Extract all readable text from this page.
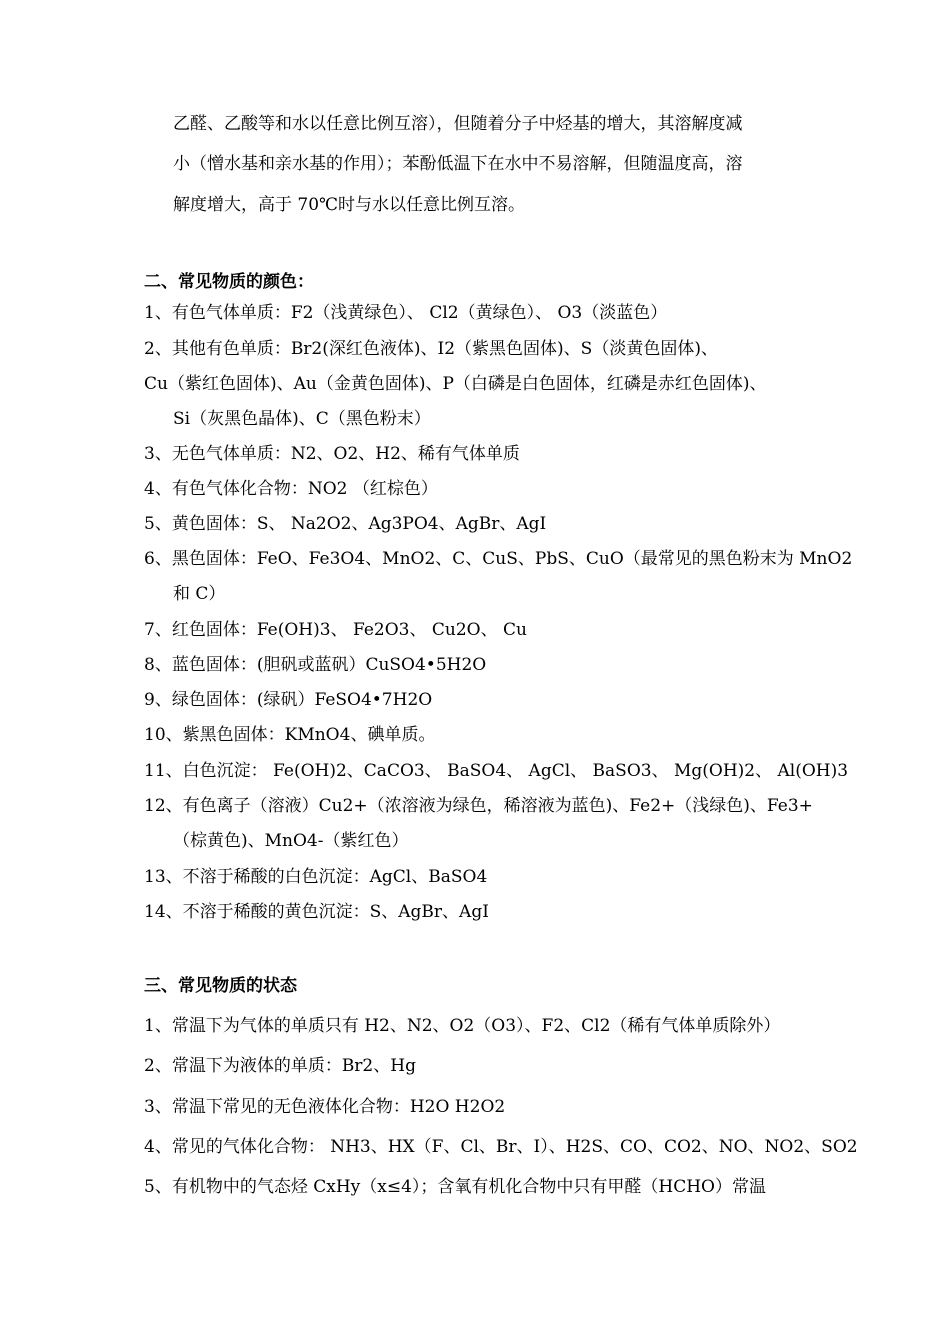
乙醛、乙酸等和水以任意比例互溶），但随着分子中烃基的增大，其溶解度减
小（憎水基和亲水基的作用）；苯酚低温下在水中不易溶解，但随温度高，溶
解度增大，高于 70℃时与水以任意比例互溶。
二、常见物质的颜色：
1、有色气体单质：F2（浅黄绿色）、 Cl2（黄绿色）、 O3（淡蓝色）
2、其他有色单质：Br2(深红色液体)、I2（紫黑色固体)、S（淡黄色固体)、
Cu（紫红色固体)、Au（金黄色固体)、P（白磷是白色固体，红磷是赤红色固体)、
Si（灰黑色晶体)、C（黑色粉末）
3、无色气体单质：N2、O2、H2、稀有气体单质
4、有色气体化合物：NO2 （红棕色）
5、黄色固体：S、 Na2O2、Ag3PO4、AgBr、AgI
6、黑色固体：FeO、Fe3O4、MnO2、C、CuS、PbS、CuO（最常见的黑色粉末为 MnO2
和 C）
7、红色固体：Fe(OH)3、 Fe2O3、 Cu2O、 Cu
8、蓝色固体：(胆矾或蓝矾）CuSO4•5H2O
9、绿色固体：(绿矾）FeSO4•7H2O
10、紫黑色固体：KMnO4、碘单质。
11、白色沉淀： Fe(OH)2、CaCO3、 BaSO4、 AgCl、 BaSO3、 Mg(OH)2、 Al(OH)3
12、有色离子（溶液）Cu2+（浓溶液为绿色，稀溶液为蓝色)、Fe2+（浅绿色)、Fe3+
（棕黄色)、MnO4-（紫红色）
13、不溶于稀酸的白色沉淀：AgCl、BaSO4
14、不溶于稀酸的黄色沉淀：S、AgBr、AgI
三、常见物质的状态
1、常温下为气体的单质只有 H2、N2、O2（O3）、F2、Cl2（稀有气体单质除外）
2、常温下为液体的单质：Br2、Hg
3、常温下常见的无色液体化合物：H2O H2O2
4、常见的气体化合物： NH3、HX（F、Cl、Br、I）、H2S、CO、CO2、NO、NO2、SO2
5、有机物中的气态烃 CxHy（x≤4）；含氧有机化合物中只有甲醛（HCHO）常温
